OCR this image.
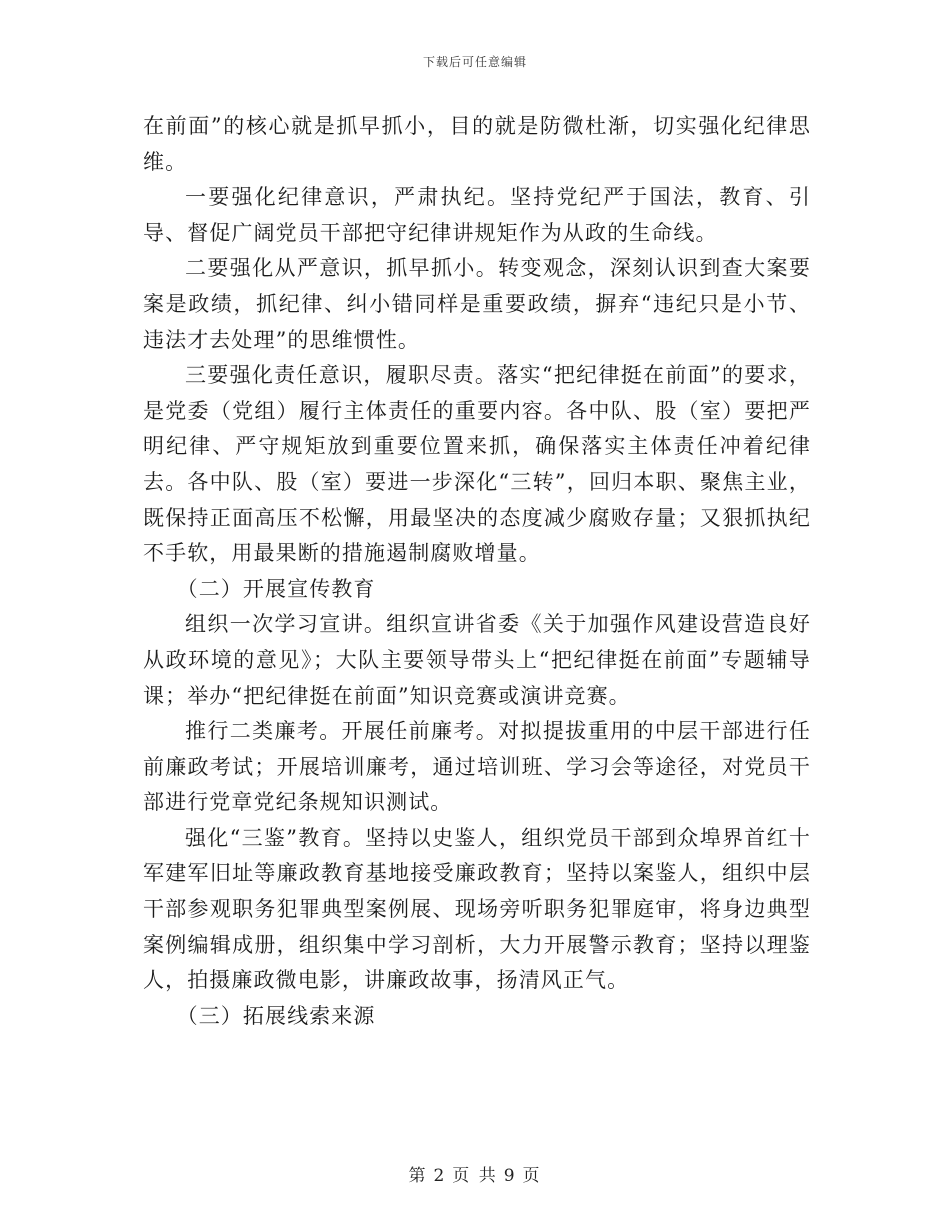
下载后可任意编辑

在前面”的核心就是抓早抓小，目的就是防微杜渐，切实强化纪律思维。

一要强化纪律意识，严肃执纪。坚持党纪严于国法，教育、引导、督促广阔党员干部把守纪律讲规矩作为从政的生命线。

二要强化从严意识，抓早抓小。转变观念，深刻认识到查大案要案是政绩，抓纪律、纠小错同样是重要政绩，摒弃“违纪只是小节、违法才去处理”的思维惯性。

三要强化责任意识，履职尽责。落实“把纪律挺在前面”的要求，是党委（党组）履行主体责任的重要内容。各中队、股（室）要把严明纪律、严守规矩放到重要位置来抓，确保落实主体责任冲着纪律去。各中队、股（室）要进一步深化“三转”，回归本职、聚焦主业，既保持正面高压不松懈，用最坚决的态度减少腐败存量；又狠抓执纪不手软，用最果断的措施遏制腐败增量。

（二）开展宣传教育

组织一次学习宣讲。组织宣讲省委《关于加强作风建设营造良好从政环境的意见》；大队主要领导带头上“把纪律挺在前面”专题辅导课；举办“把纪律挺在前面”知识竞赛或演讲竞赛。

推行二类廉考。开展任前廉考。对拟提拔重用的中层干部进行任前廉政考试；开展培训廉考，通过培训班、学习会等途径，对党员干部进行党章党纪条规知识测试。

强化“三鉴”教育。坚持以史鉴人，组织党员干部到众埠界首红十军建军旧址等廉政教育基地接受廉政教育；坚持以案鉴人，组织中层干部参观职务犯罪典型案例展、现场旁听职务犯罪庭审，将身边典型案例编辑成册，组织集中学习剖析，大力开展警示教育；坚持以理鉴人，拍摄廉政微电影，讲廉政故事，扬清风正气。

（三）拓展线索来源

第 2 页 共 9 页
